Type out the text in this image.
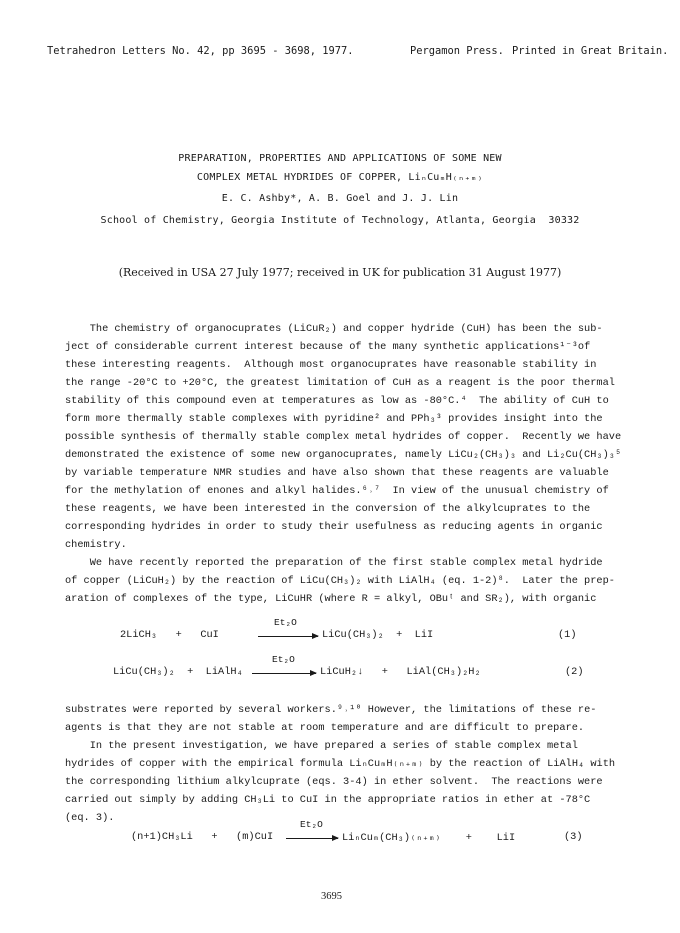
Tetrahedron Letters No. 42, pp 3695 - 3698, 1977.	Pergamon Press. Printed in Great Britain.
PREPARATION, PROPERTIES AND APPLICATIONS OF SOME NEW
COMPLEX METAL HYDRIDES OF COPPER, LiₙCuₘH₍ₙ₊ₘ₎
E. C. Ashby*, A. B. Goel and J. J. Lin
School of Chemistry, Georgia Institute of Technology, Atlanta, Georgia  30332
(Received in USA 27 July 1977; received in UK for publication 31 August 1977)
The chemistry of organocuprates (LiCuR₂) and copper hydride (CuH) has been the sub-
ject of considerable current interest because of the many synthetic applications¹⁻³of
these interesting reagents.  Although most organocuprates have reasonable stability in
the range -20°C to +20°C, the greatest limitation of CuH as a reagent is the poor thermal
stability of this compound even at temperatures as low as -80°C.⁴  The ability of CuH to
form more thermally stable complexes with pyridine² and PPh₃³ provides insight into the
possible synthesis of thermally stable complex metal hydrides of copper.  Recently we have
demonstrated the existence of some new organocuprates, namely LiCu₂(CH₃)₃ and Li₂Cu(CH₃)₃⁵
by variable temperature NMR studies and have also shown that these reagents are valuable
for the methylation of enones and alkyl halides.⁶˒⁷  In view of the unusual chemistry of
these reagents, we have been interested in the conversion of the alkylcuprates to the
corresponding hydrides in order to study their usefulness as reducing agents in organic
chemistry.
We have recently reported the preparation of the first stable complex metal hydride
of copper (LiCuH₂) by the reaction of LiCu(CH₃)₂ with LiAlH₄ (eq. 1-2)⁸.  Later the prep-
aration of complexes of the type, LiCuHR (where R = alkyl, OBuᵗ and SR₂), with organic
2LiCH₃   +   CuI
Et₂O
LiCu(CH₃)₂  +  LiI	(1)
LiCu(CH₃)₂  +  LiAlH₄
Et₂O
LiCuH₂↓   +   LiAl(CH₃)₂H₂	(2)
substrates were reported by several workers.⁹˒¹⁰ However, the limitations of these re-
agents is that they are not stable at room temperature and are difficult to prepare.
In the present investigation, we have prepared a series of stable complex metal
hydrides of copper with the empirical formula LiₙCuₘH₍ₙ₊ₘ₎ by the reaction of LiAlH₄ with
the corresponding lithium alkylcuprate (eqs. 3-4) in ether solvent.  The reactions were
carried out simply by adding CH₃Li to CuI in the appropriate ratios in ether at -78°C
(eq. 3).
(n+1)CH₃Li   +   (m)CuI
Et₂O
LiₙCuₘ(CH₃)₍ₙ₊ₘ₎    +    LiI	(3)
3695
